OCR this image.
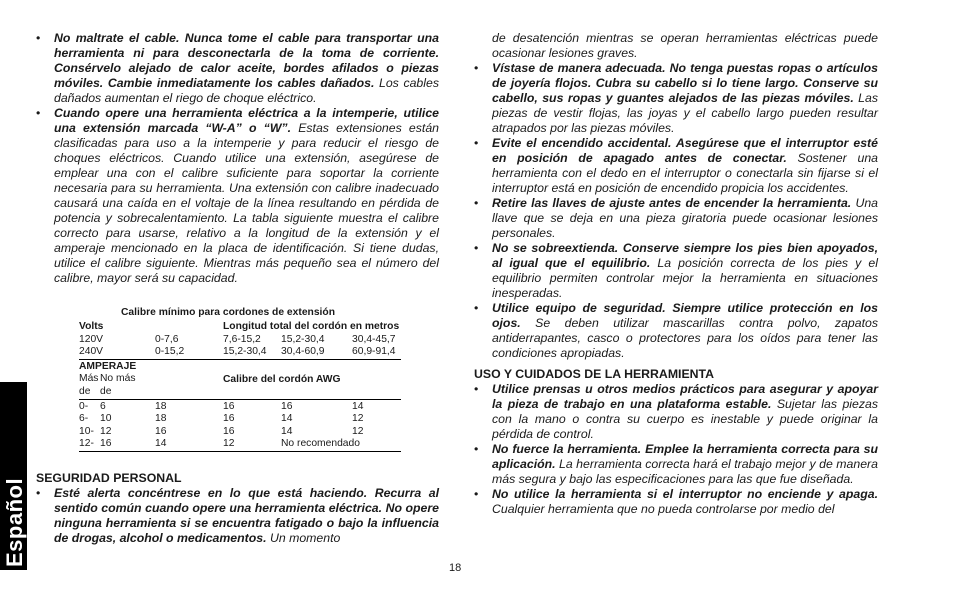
Español
• No maltrate el cable. Nunca tome el cable para transportar una herramienta ni para desconectarla de la toma de corriente. Consérvelo alejado de calor aceite, bordes afilados o piezas móviles. Cambie inmediatamente los cables dañados. Los cables dañados aumentan el riego de choque eléctrico.
• Cuando opere una herramienta eléctrica a la intemperie, utilice una extensión marcada “W-A” o “W”. Estas extensiones están clasificadas para uso a la intemperie y para reducir el riesgo de choques eléctricos. Cuando utilice una extensión, asegúrese de emplear una con el calibre suficiente para soportar la corriente necesaria para su herramienta. Una extensión con calibre inadecuado causará una caída en el voltaje de la línea resultando en pérdida de potencia y sobrecalentamiento. La tabla siguiente muestra el calibre correcto para usarse, relativo a la longitud de la extensión y el amperaje mencionado en la placa de identificación. Si tiene dudas, utilice el calibre siguiente. Mientras más pequeño sea el número del calibre, mayor será su capacidad.
Calibre mínimo para cordones de extensión
Volts	Longitud total del cordón en metros
120V	0-7,6	7,6-15,2 15,2-30,4	30,4-45,7
240V	0-15,2	15,2-30,4 30,4-60,9	60,9-91,4
AMPERAJE
Más No más	Calibre del cordón AWG
de de
0- 6	18	16	16	14
6- 10	18	16	14	12
10- 12	16	16	14	12
12- 16	14	12	No recomendado
SEGURIDAD PERSONAL
• Esté alerta concéntrese en lo que está haciendo. Recurra al sentido común cuando opere una herramienta eléctrica. No opere ninguna herramienta si se encuentra fatigado o bajo la influencia de drogas, alcohol o medicamentos. Un momento
de desatención mientras se operan herramientas eléctricas puede ocasionar lesiones graves.
• Vístase de manera adecuada. No tenga puestas ropas o artículos de joyería flojos. Cubra su cabello si lo tiene largo. Conserve su cabello, sus ropas y guantes alejados de las piezas móviles. Las piezas de vestir flojas, las joyas y el cabello largo pueden resultar atrapados por las piezas móviles.
• Evite el encendido accidental. Asegúrese que el interruptor esté en posición de apagado antes de conectar. Sostener una herramienta con el dedo en el interruptor o conectarla sin fijarse si el interruptor está en posición de encendido propicia los accidentes.
• Retire las llaves de ajuste antes de encender la herramienta. Una llave que se deja en una pieza giratoria puede ocasionar lesiones personales.
• No se sobreextienda. Conserve siempre los pies bien apoyados, al igual que el equilibrio. La posición correcta de los pies y el equilibrio permiten controlar mejor la herramienta en situaciones inesperadas.
• Utilice equipo de seguridad. Siempre utilice protección en los ojos. Se deben utilizar mascarillas contra polvo, zapatos antiderrapantes, casco o protectores para los oídos para tener las condiciones apropiadas.
USO Y CUIDADOS DE LA HERRAMIENTA
• Utilice prensas u otros medios prácticos para asegurar y apoyar la pieza de trabajo en una plataforma estable. Sujetar las piezas con la mano o contra su cuerpo es inestable y puede originar la pérdida de control.
• No fuerce la herramienta. Emplee la herramienta correcta para su aplicación. La herramienta correcta hará el trabajo mejor y de manera más segura y bajo las especificaciones para las que fue diseñada.
• No utilice la herramienta si el interruptor no enciende y apaga. Cualquier herramienta que no pueda controlarse por medio del
18
